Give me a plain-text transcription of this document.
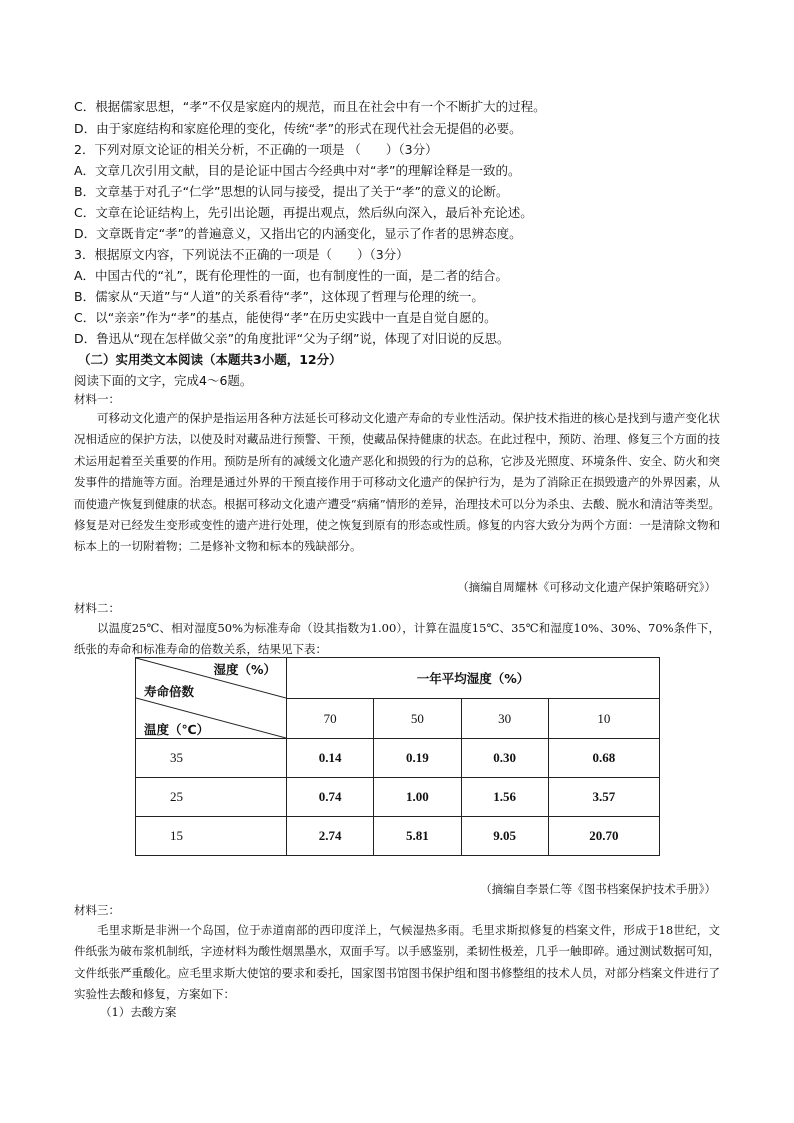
C．根据儒家思想，“孝”不仅是家庭内的规范，而且在社会中有一个不断扩大的过程。
D．由于家庭结构和家庭伦理的变化，传统“孝”的形式在现代社会无提倡的必要。
2．下列对原文论证的相关分析，不正确的一项是 （　　）（3分）
A．文章几次引用文献，目的是论证中国古今经典中对“孝”的理解诠释是一致的。
B．文章基于对孔子“仁学”思想的认同与接受，提出了关于“孝”的意义的论断。
C．文章在论证结构上，先引出论题，再提出观点，然后纵向深入，最后补充论述。
D．文章既肯定“孝”的普遍意义，又指出它的内涵变化，显示了作者的思辨态度。
3．根据原文内容，下列说法不正确的一项是（　　）（3分）
A．中国古代的“礼”，既有伦理性的一面，也有制度性的一面，是二者的结合。
B．儒家从“天道”与“人道”的关系看待“孝”，这体现了哲理与伦理的统一。
C．以“亲亲”作为“孝”的基点，能使得“孝”在历史实践中一直是自觉自愿的。
D．鲁迅从“现在怎样做父亲”的角度批评“父为子纲”说，体现了对旧说的反思。
（二）实用类文本阅读（本题共3小题，12分）
阅读下面的文字，完成4～6题。
材料一：
可移动文化遗产的保护是指运用各种方法延长可移动文化遗产寿命的专业性活动。保护技术指进的核心是找到与遗产变化状况相适应的保护方法，以使及时对藏品进行预警、干预，使藏品保持健康的状态。在此过程中，预防、治理、修复三个方面的技术运用起着至关重要的作用。预防是所有的减缓文化遗产恶化和损毁的行为的总称，它涉及光照度、环境条件、安全、防火和突发事件的措施等方面。治理是通过外界的干预直接作用于可移动文化遗产的保护行为，是为了消除正在损毁遗产的外界因素，从而使遗产恢复到健康的状态。根据可移动文化遗产遭受“病痛”情形的差异，治理技术可以分为杀虫、去酸、脱水和清洁等类型。修复是对已经发生变形或变性的遗产进行处理，使之恢复到原有的形态或性质。修复的内容大致分为两个方面：一是清除文物和标本上的一切附着物；二是修补文物和标本的残缺部分。
（摘编自周耀林《可移动文化遗产保护策略研究》）
材料二：
以温度25℃、相对湿度50%为标准寿命（设其指数为1.00），计算在温度15℃、35℃和湿度10%、30%、70%条件下，纸张的寿命和标准寿命的倍数关系，结果见下表：
湿度（%）
寿命倍数
温度（℃）	一年平均湿度（%）			
	70	50	30	10
35	0.14	0.19	0.30	0.68
25	0.74	1.00	1.56	3.57
15	2.74	5.81	9.05	20.70
（摘编自李景仁等《图书档案保护技术手册》）
材料三：
毛里求斯是非洲一个岛国，位于赤道南部的西印度洋上，气候湿热多雨。毛里求斯拟修复的档案文件，形成于18世纪，文件纸张为破布浆机制纸，字迹材料为酸性烟黑墨水，双面手写。以手感鉴别，柔韧性极差，几乎一触即碎。通过测试数据可知，文件纸张严重酸化。应毛里求斯大使馆的要求和委托，国家图书馆图书保护组和图书修整组的技术人员，对部分档案文件进行了实验性去酸和修复，方案如下：
（1）去酸方案
